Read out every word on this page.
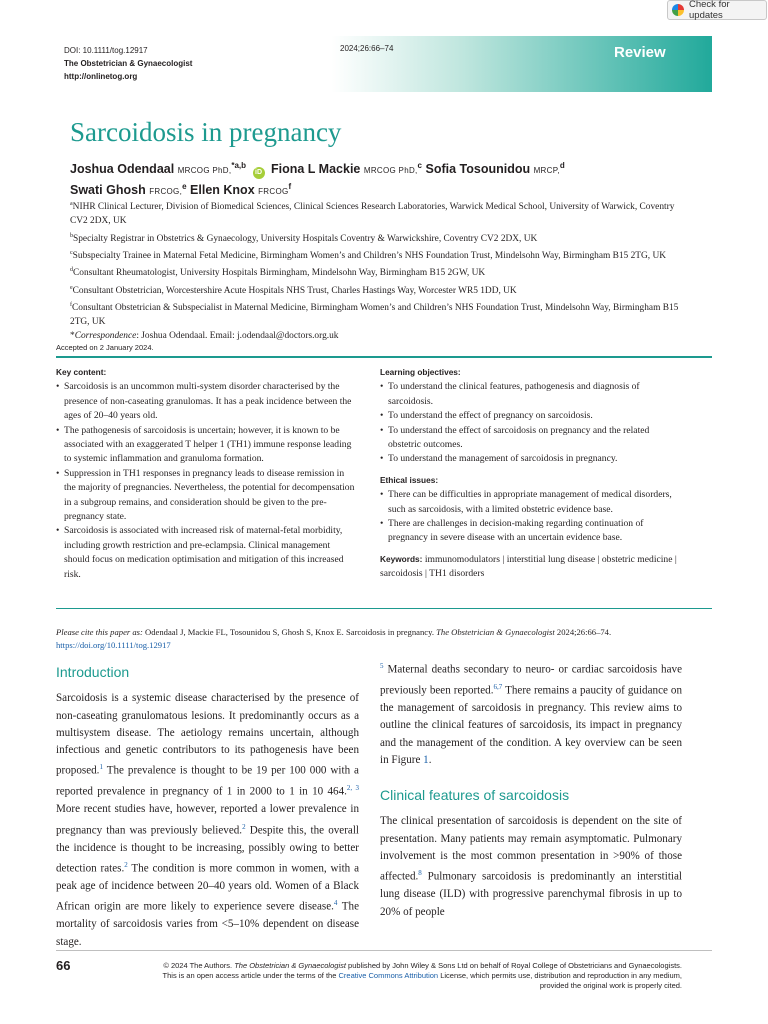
Check for updates
DOI: 10.1111/tog.12917
The Obstetrician & Gynaecologist
http://onlinetog.org
2024;26:66–74	Review
Sarcoidosis in pregnancy
Joshua Odendaal MRCOG PhD,$^{*a,b}$ iD Fiona L Mackie MRCOG PhD,$^c$ Sofia Tosounidou MRCP,$^d$
Swati Ghosh FRCOG,$^e$ Ellen Knox FRCOG$^f$
$^a$NIHR Clinical Lecturer, Division of Biomedical Sciences, Clinical Sciences Research Laboratories, Warwick Medical School, University of Warwick, Coventry CV2 2DX, UK
$^b$Specialty Registrar in Obstetrics & Gynaecology, University Hospitals Coventry & Warwickshire, Coventry CV2 2DX, UK
$^c$Subspecialty Trainee in Maternal Fetal Medicine, Birmingham Women’s and Children’s NHS Foundation Trust, Mindelsohn Way, Birmingham B15 2TG, UK
$^d$Consultant Rheumatologist, University Hospitals Birmingham, Mindelsohn Way, Birmingham B15 2GW, UK
$^e$Consultant Obstetrician, Worcestershire Acute Hospitals NHS Trust, Charles Hastings Way, Worcester WR5 1DD, UK
$^f$Consultant Obstetrician & Subspecialist in Maternal Medicine, Birmingham Women’s and Children’s NHS Foundation Trust, Mindelsohn Way, Birmingham B15 2TG, UK
*Correspondence: Joshua Odendaal. Email: j.odendaal@doctors.org.uk
Accepted on 2 January 2024.
Key content:
• Sarcoidosis is an uncommon multi-system disorder characterised by the presence of non-caseating granulomas. It has a peak incidence between the ages of 20–40 years old.
• The pathogenesis of sarcoidosis is uncertain; however, it is known to be associated with an exaggerated T helper 1 (TH1) immune response leading to systemic inflammation and granuloma formation.
• Suppression in TH1 responses in pregnancy leads to disease remission in the majority of pregnancies. Nevertheless, the potential for decompensation in a subgroup remains, and consideration should be given to the pre-pregnancy state.
• Sarcoidosis is associated with increased risk of maternal-fetal morbidity, including growth restriction and pre-eclampsia. Clinical management should focus on medication optimisation and mitigation of this increased risk.
Learning objectives:
• To understand the clinical features, pathogenesis and diagnosis of sarcoidosis.
• To understand the effect of pregnancy on sarcoidosis.
• To understand the effect of sarcoidosis on pregnancy and the related obstetric outcomes.
• To understand the management of sarcoidosis in pregnancy.
Ethical issues:
• There can be difficulties in appropriate management of medical disorders, such as sarcoidosis, with a limited obstetric evidence base.
• There are challenges in decision-making regarding continuation of pregnancy in severe disease with an uncertain evidence base.
Keywords: immunomodulators | interstitial lung disease | obstetric medicine | sarcoidosis | TH1 disorders
Please cite this paper as: Odendaal J, Mackie FL, Tosounidou S, Ghosh S, Knox E. Sarcoidosis in pregnancy. The Obstetrician & Gynaecologist 2024;26:66–74.
https://doi.org/10.1111/tog.12917
Introduction

Sarcoidosis is a systemic disease characterised by the presence of non-caseating granulomatous lesions. It predominantly occurs as a multisystem disease. The aetiology remains uncertain, although infectious and genetic contributors to its pathogenesis have been proposed.$^1$ The prevalence is thought to be 19 per 100 000 with a reported prevalence in pregnancy of 1 in 2000 to 1 in 10 464.$^{2, 3}$ More recent studies have, however, reported a lower prevalence in pregnancy than was previously believed.$^2$ Despite this, the overall the incidence is thought to be increasing, possibly owing to better detection rates.$^2$ The condition is more common in women, with a peak age of incidence between 20–40 years old. Women of a Black African origin are more likely to experience severe disease.$^4$ The mortality of sarcoidosis varies from <5–10% dependent on disease stage.

$^5$ Maternal deaths secondary to neuro- or cardiac sarcoidosis have previously been reported.$^{6,7}$ There remains a paucity of guidance on the management of sarcoidosis in pregnancy. This review aims to outline the clinical features of sarcoidosis, its impact in pregnancy and the management of the condition. A key overview can be seen in Figure 1.

Clinical features of sarcoidosis

The clinical presentation of sarcoidosis is dependent on the site of presentation. Many patients may remain asymptomatic. Pulmonary involvement is the most common presentation in >90% of those affected.$^8$ Pulmonary sarcoidosis is predominantly an interstitial lung disease (ILD) with progressive parenchymal fibrosis in up to 20% of people

66	© 2024 The Authors. The Obstetrician & Gynaecologist published by John Wiley & Sons Ltd on behalf of Royal College of Obstetricians and Gynaecologists.
This is an open access article under the terms of the Creative Commons Attribution License, which permits use, distribution and reproduction in any medium,
provided the original work is properly cited.
